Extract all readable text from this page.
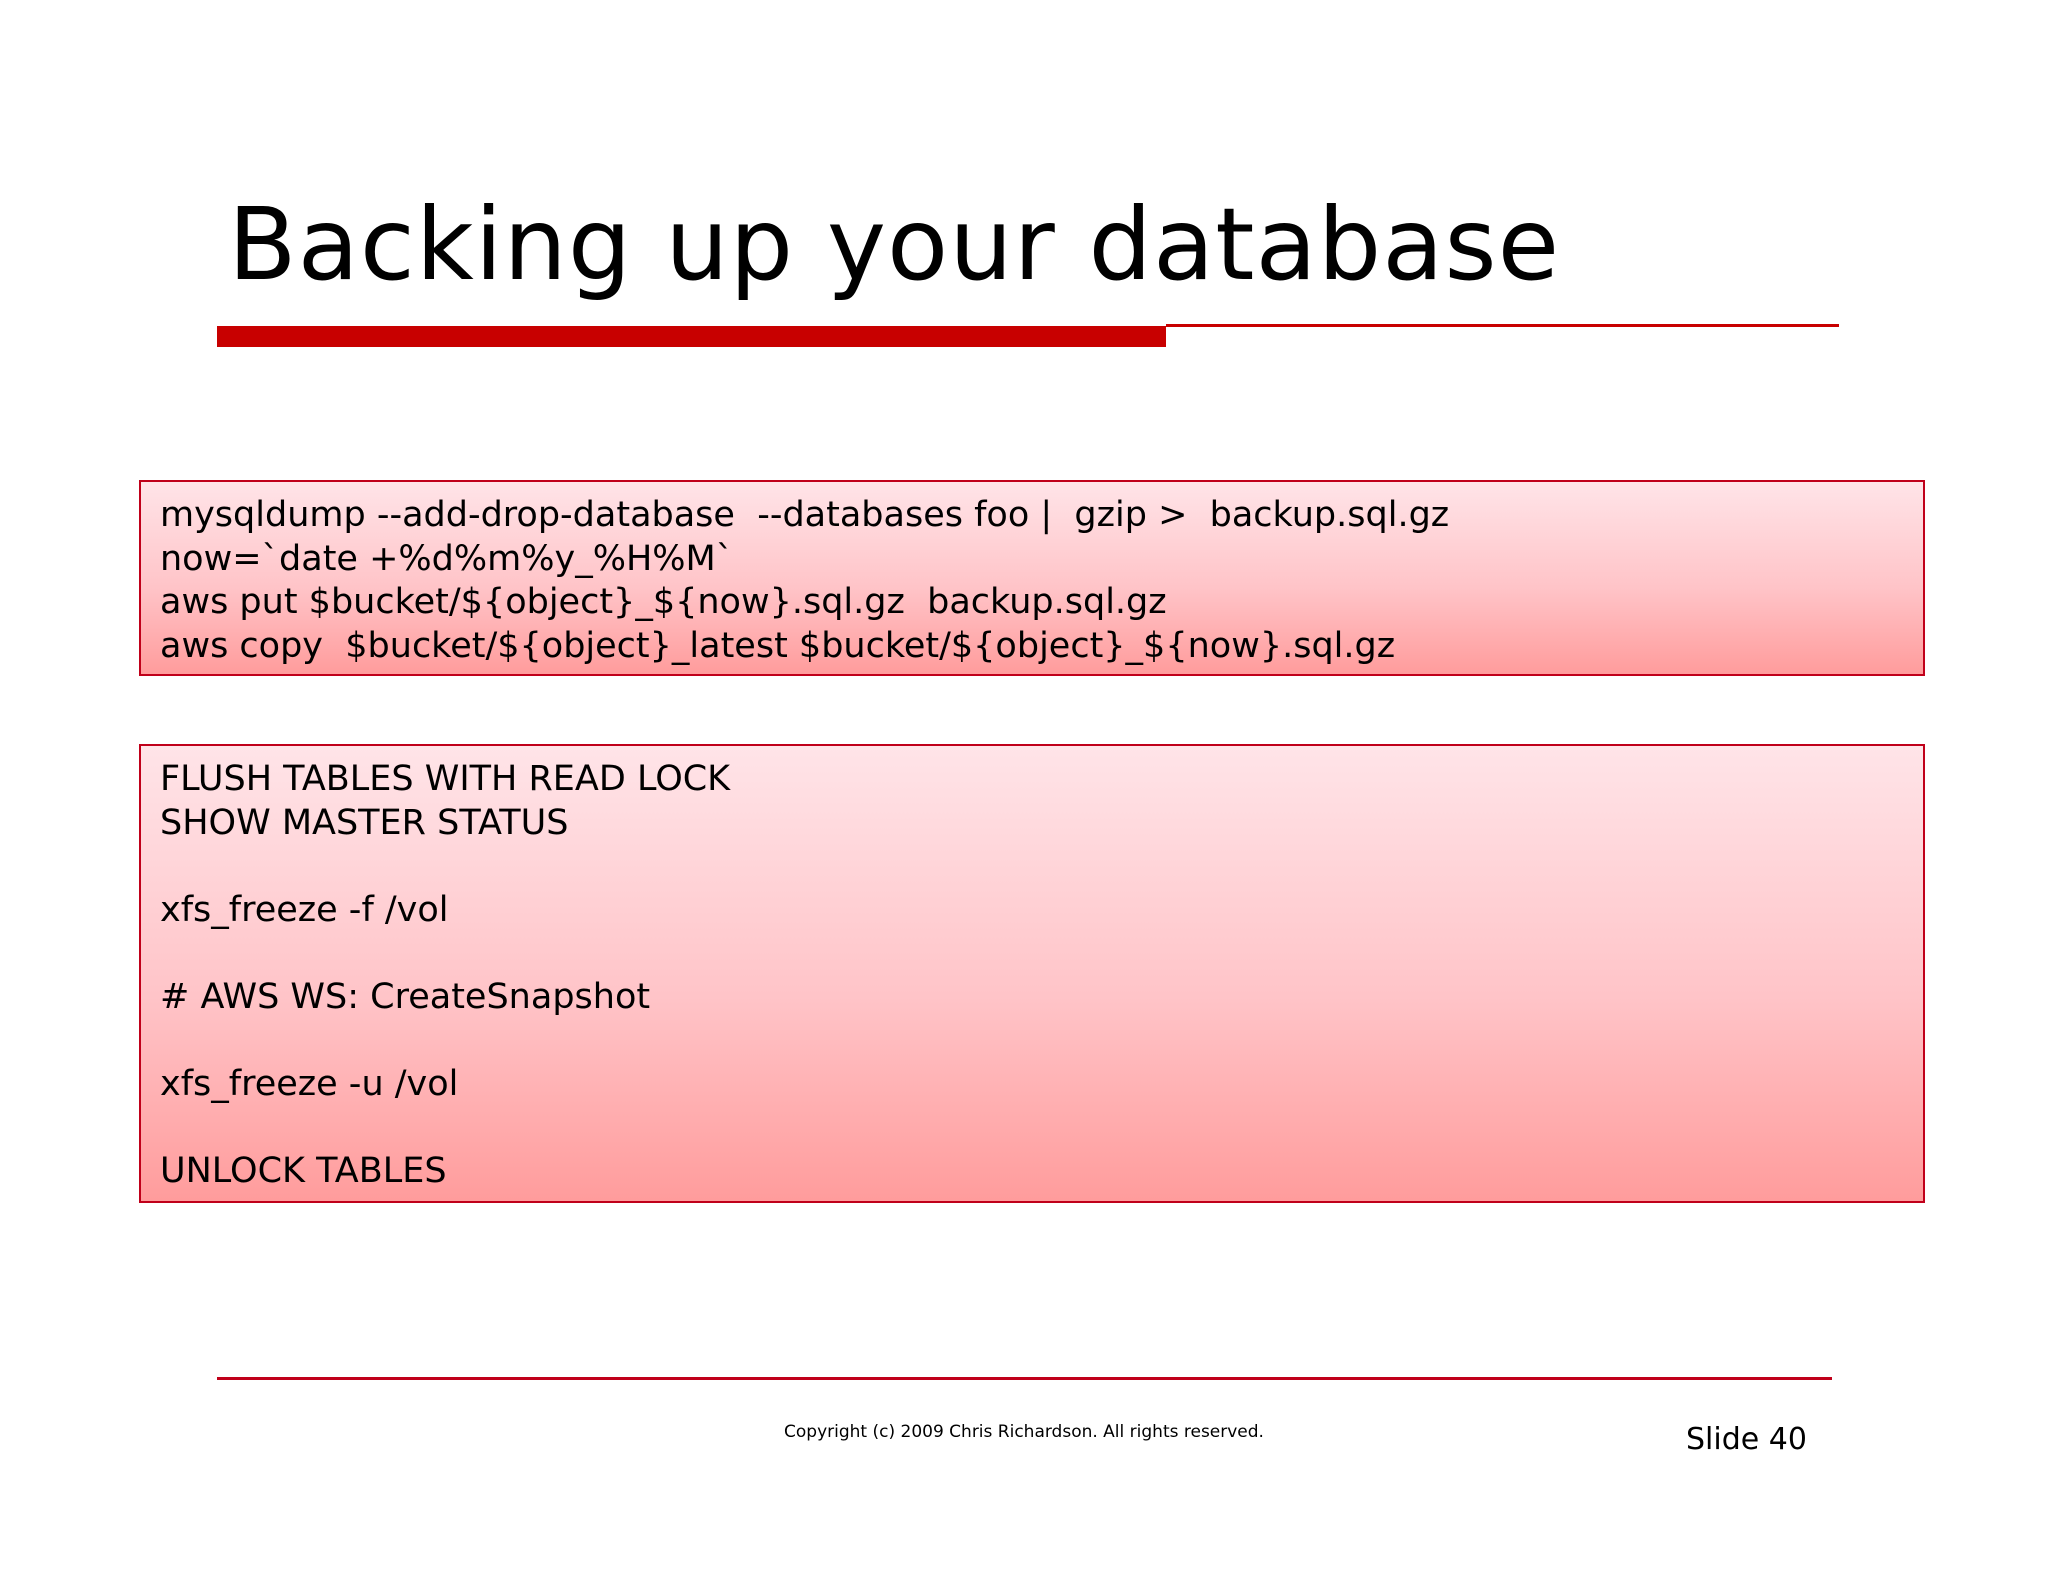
Backing up your database
mysqldump --add-drop-database  --databases foo |  gzip >  backup.sql.gz
now=`date +%d%m%y_%H%M`
aws put $bucket/${object}_${now}.sql.gz  backup.sql.gz
aws copy  $bucket/${object}_latest $bucket/${object}_${now}.sql.gz
FLUSH TABLES WITH READ LOCK
SHOW MASTER STATUS
xfs_freeze -f /vol
# AWS WS: CreateSnapshot
xfs_freeze -u /vol
UNLOCK TABLES
Copyright (c) 2009 Chris Richardson. All rights reserved.	Slide 40
